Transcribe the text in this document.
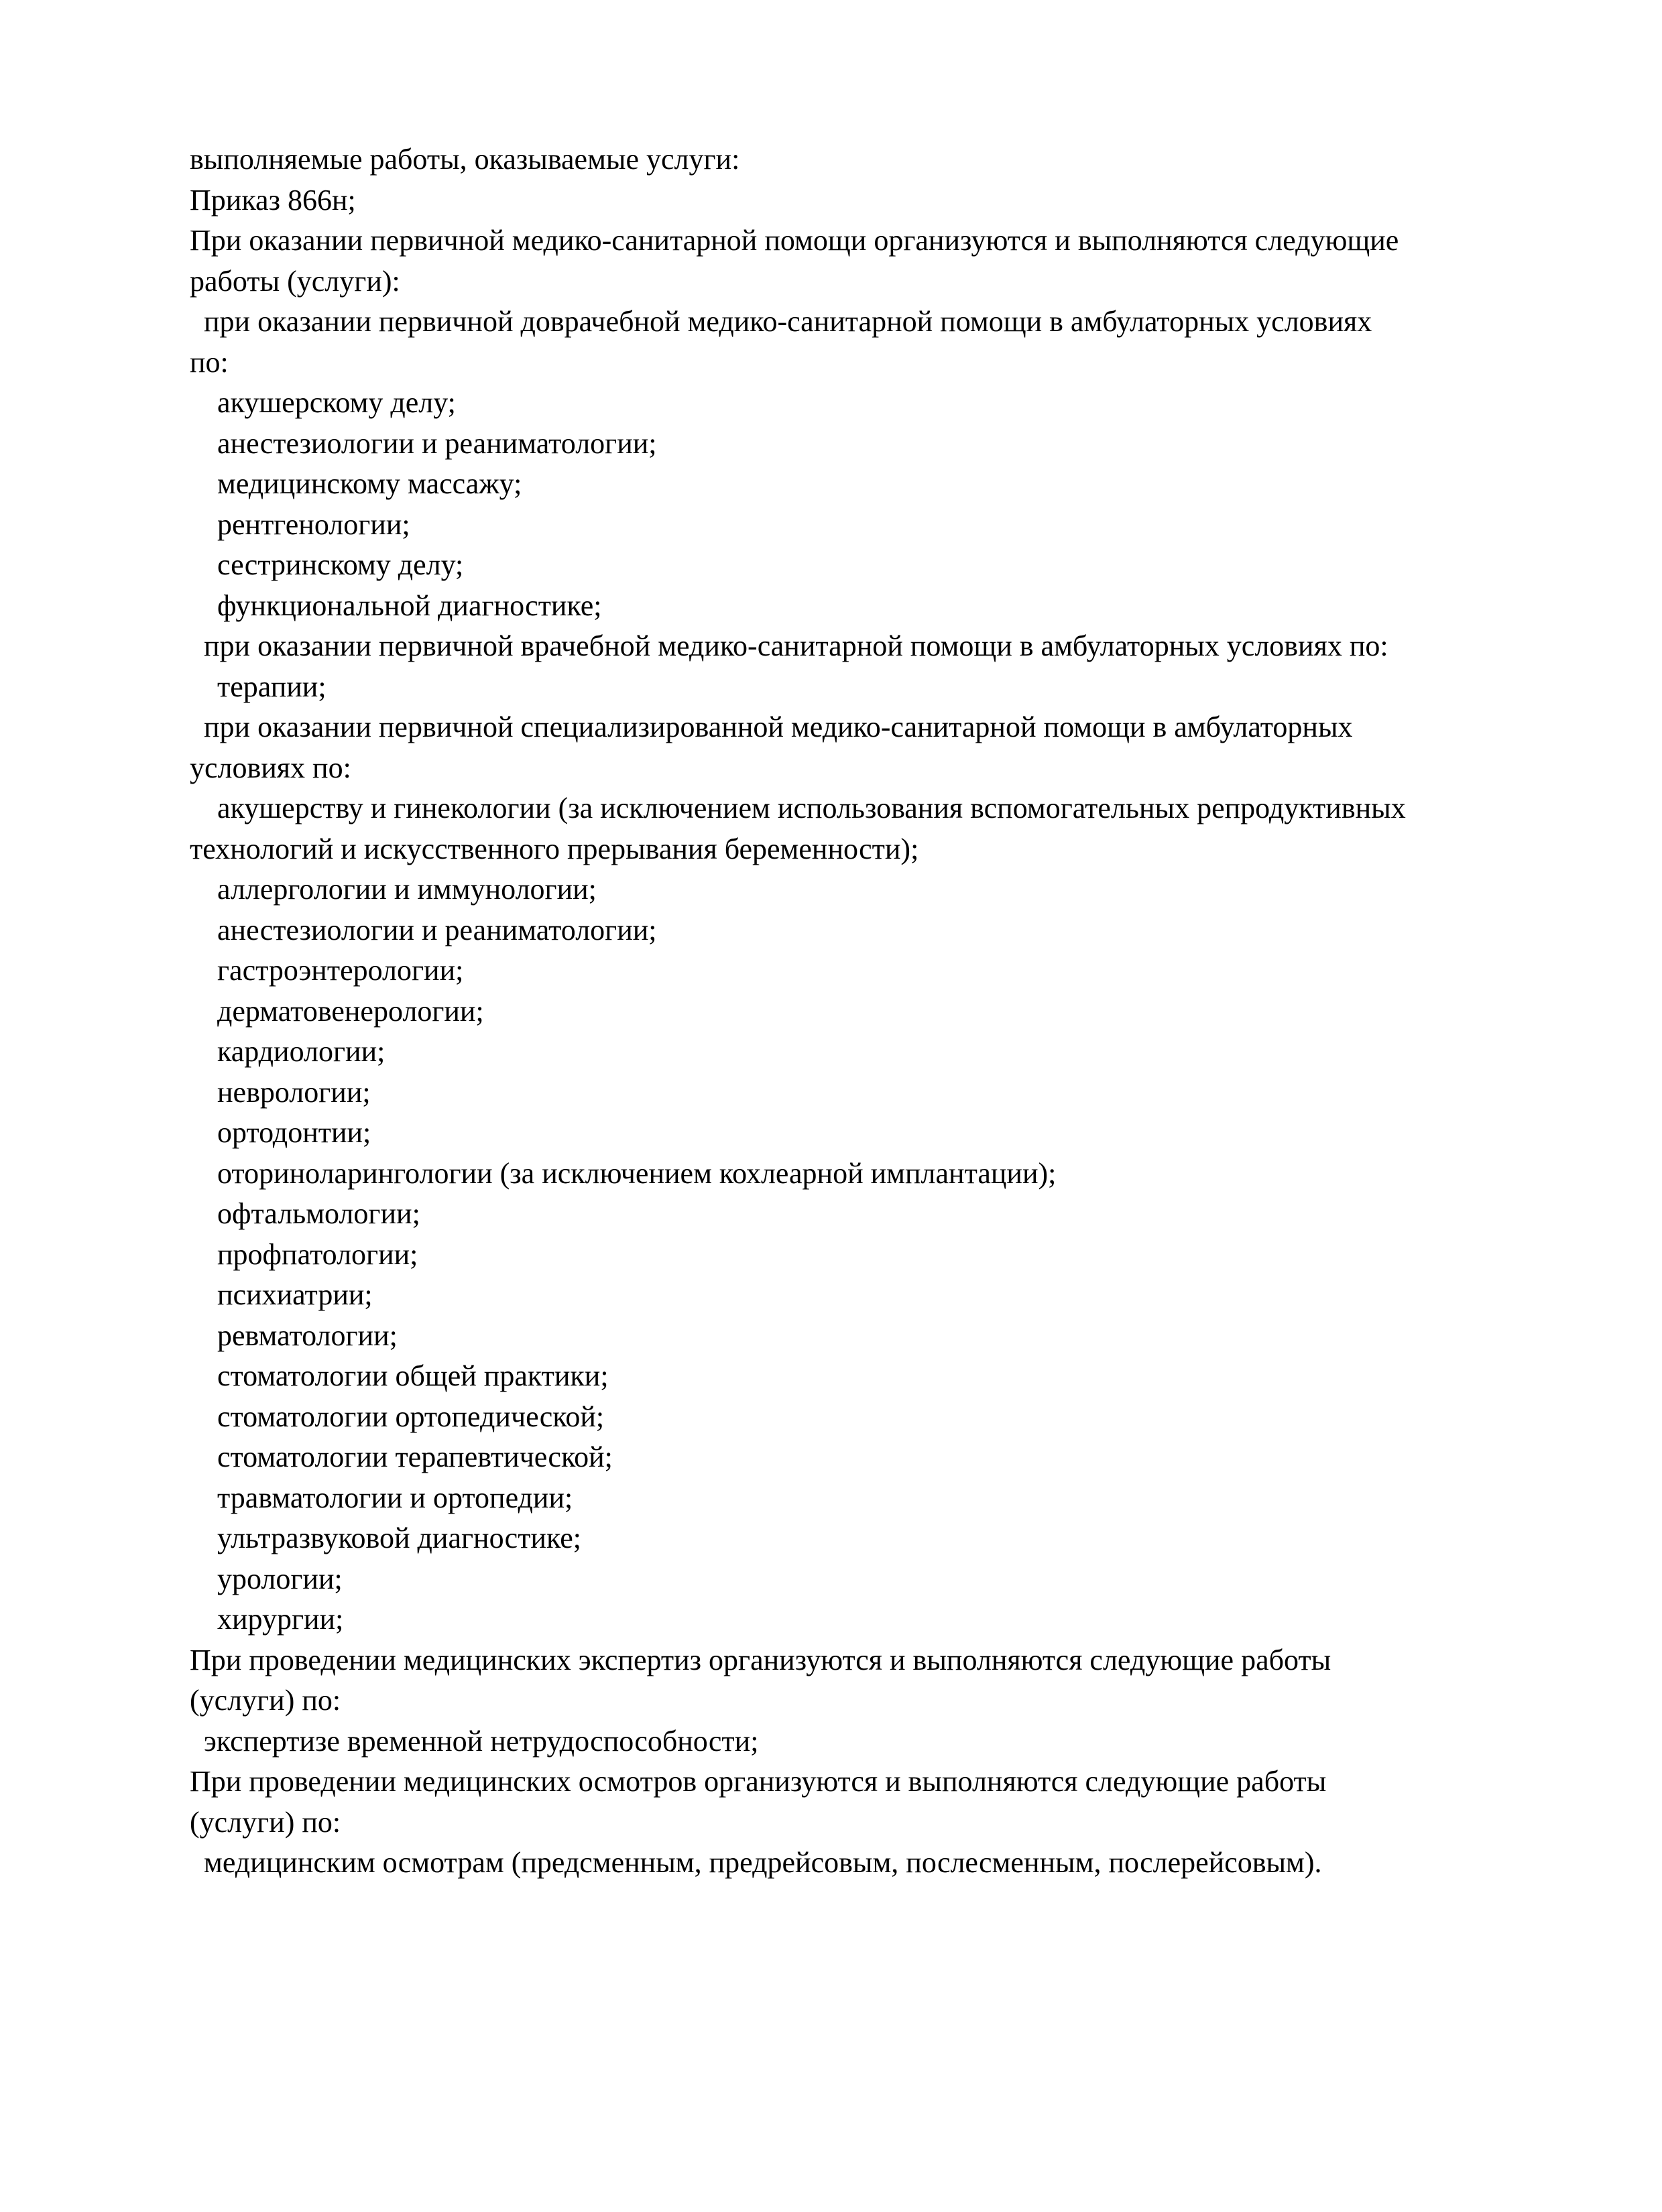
выполняемые работы, оказываемые услуги:
Приказ 866н;
При оказании первичной медико-санитарной помощи организуются и выполняются следующие
работы (услуги):
при оказании первичной доврачебной медико-санитарной помощи в амбулаторных условиях
по:
акушерскому делу;
анестезиологии и реаниматологии;
медицинскому массажу;
рентгенологии;
сестринскому делу;
функциональной диагностике;
при оказании первичной врачебной медико-санитарной помощи в амбулаторных условиях по:
терапии;
при оказании первичной специализированной медико-санитарной помощи в амбулаторных
условиях по:
акушерству и гинекологии (за исключением использования вспомогательных репродуктивных
технологий и искусственного прерывания беременности);
аллергологии и иммунологии;
анестезиологии и реаниматологии;
гастроэнтерологии;
дерматовенерологии;
кардиологии;
неврологии;
ортодонтии;
оториноларингологии (за исключением кохлеарной имплантации);
офтальмологии;
профпатологии;
психиатрии;
ревматологии;
стоматологии общей практики;
стоматологии ортопедической;
стоматологии терапевтической;
травматологии и ортопедии;
ультразвуковой диагностике;
урологии;
хирургии;
При проведении медицинских экспертиз организуются и выполняются следующие работы
(услуги) по:
экспертизе временной нетрудоспособности;
При проведении медицинских осмотров организуются и выполняются следующие работы
(услуги) по:
медицинским осмотрам (предсменным, предрейсовым, послесменным, послерейсовым).
